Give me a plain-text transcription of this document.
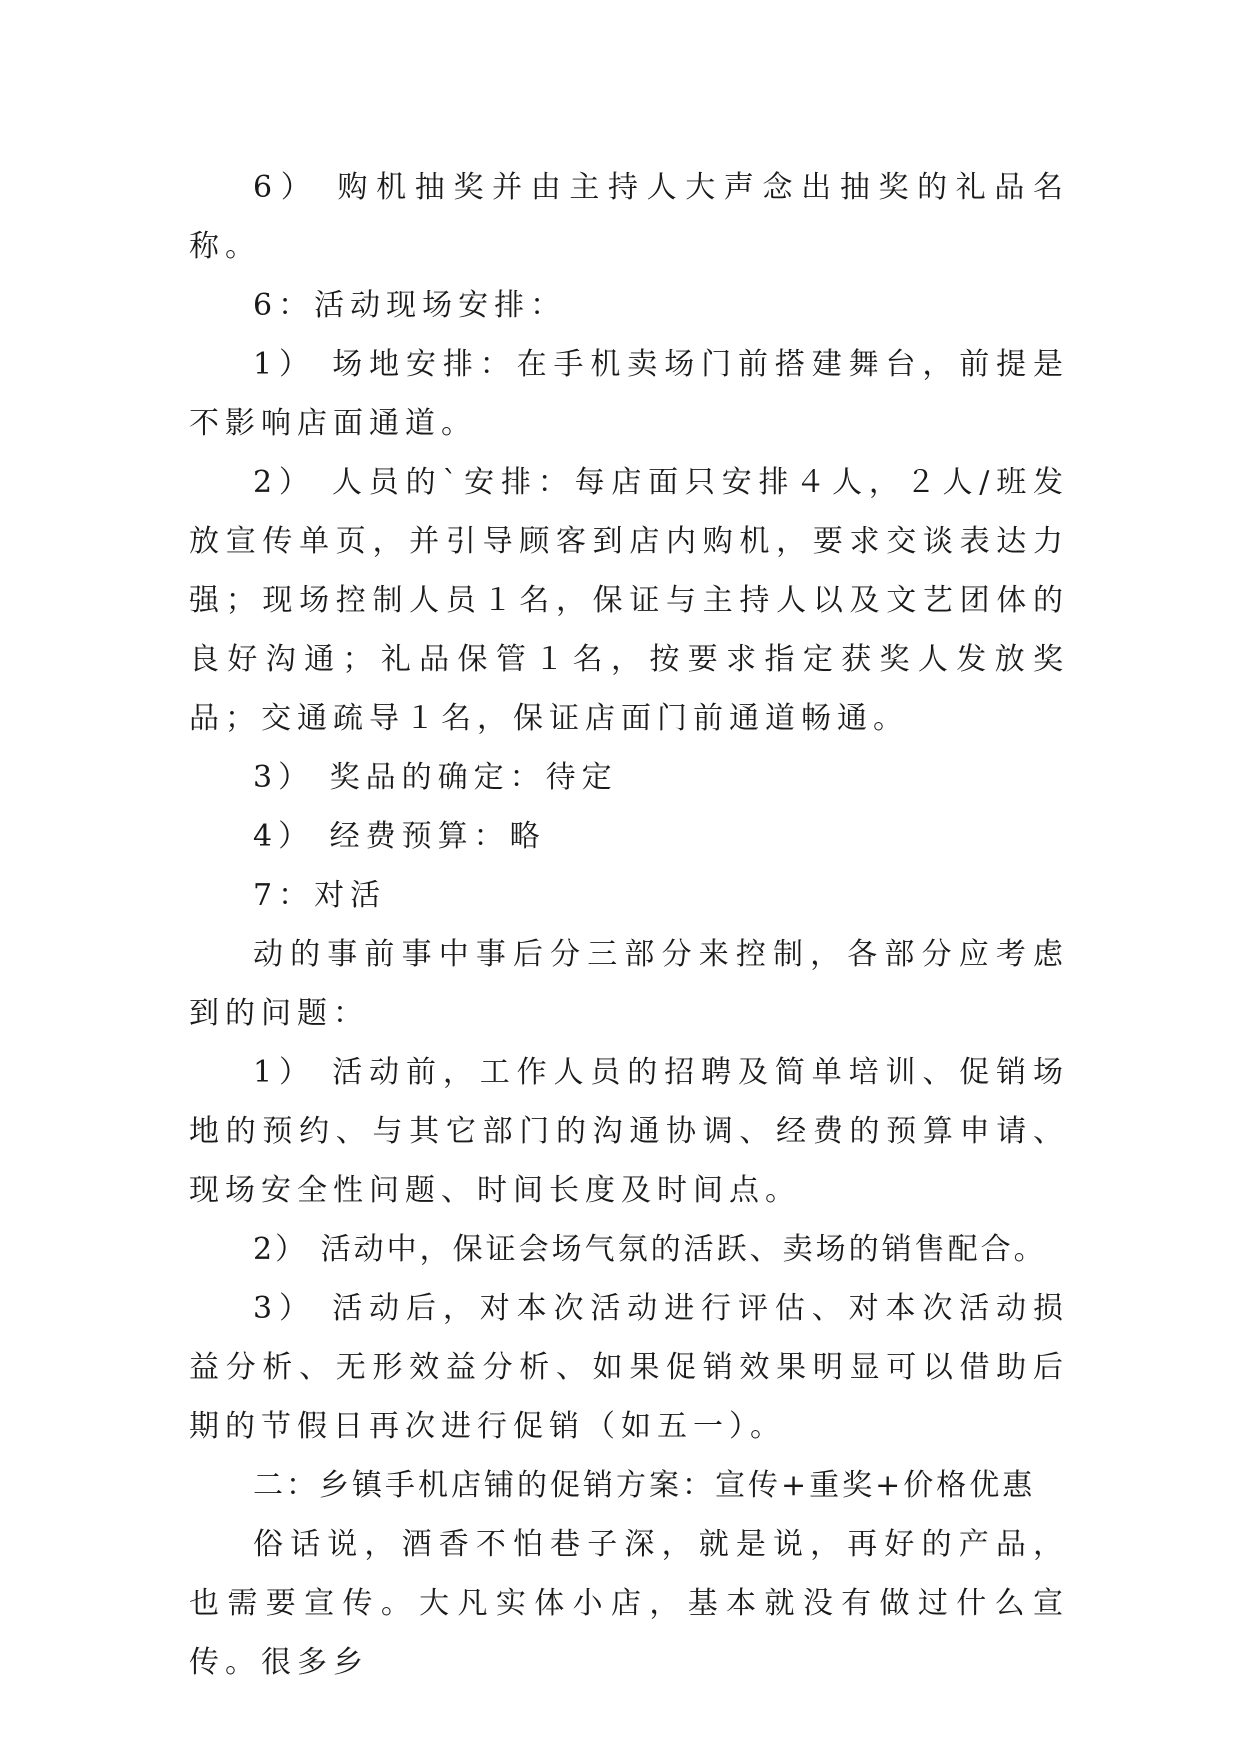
6） 购机抽奖并由主持人大声念出抽奖的礼品名称。

6：活动现场安排：

1） 场地安排：在手机卖场门前搭建舞台，前提是不影响店面通道。

2） 人员的`安排：每店面只安排４人，２人/班发放宣传单页，并引导顾客到店内购机，要求交谈表达力强；现场控制人员１名，保证与主持人以及文艺团体的良好沟通；礼品保管１名，按要求指定获奖人发放奖品；交通疏导１名，保证店面门前通道畅通。

3） 奖品的确定：待定

4） 经费预算：略

7：对活

动的事前事中事后分三部分来控制，各部分应考虑到的问题：

1） 活动前，工作人员的招聘及简单培训、促销场地的预约、与其它部门的沟通协调、经费的预算申请、现场安全性问题、时间长度及时间点。

2） 活动中，保证会场气氛的活跃、卖场的销售配合。

3） 活动后，对本次活动进行评估、对本次活动损益分析、无形效益分析、如果促销效果明显可以借助后期的节假日再次进行促销（如五一）。

二：乡镇手机店铺的促销方案：宣传+重奖+价格优惠

俗话说，酒香不怕巷子深，就是说，再好的产品，也需要宣传。大凡实体小店，基本就没有做过什么宣传。很多乡
